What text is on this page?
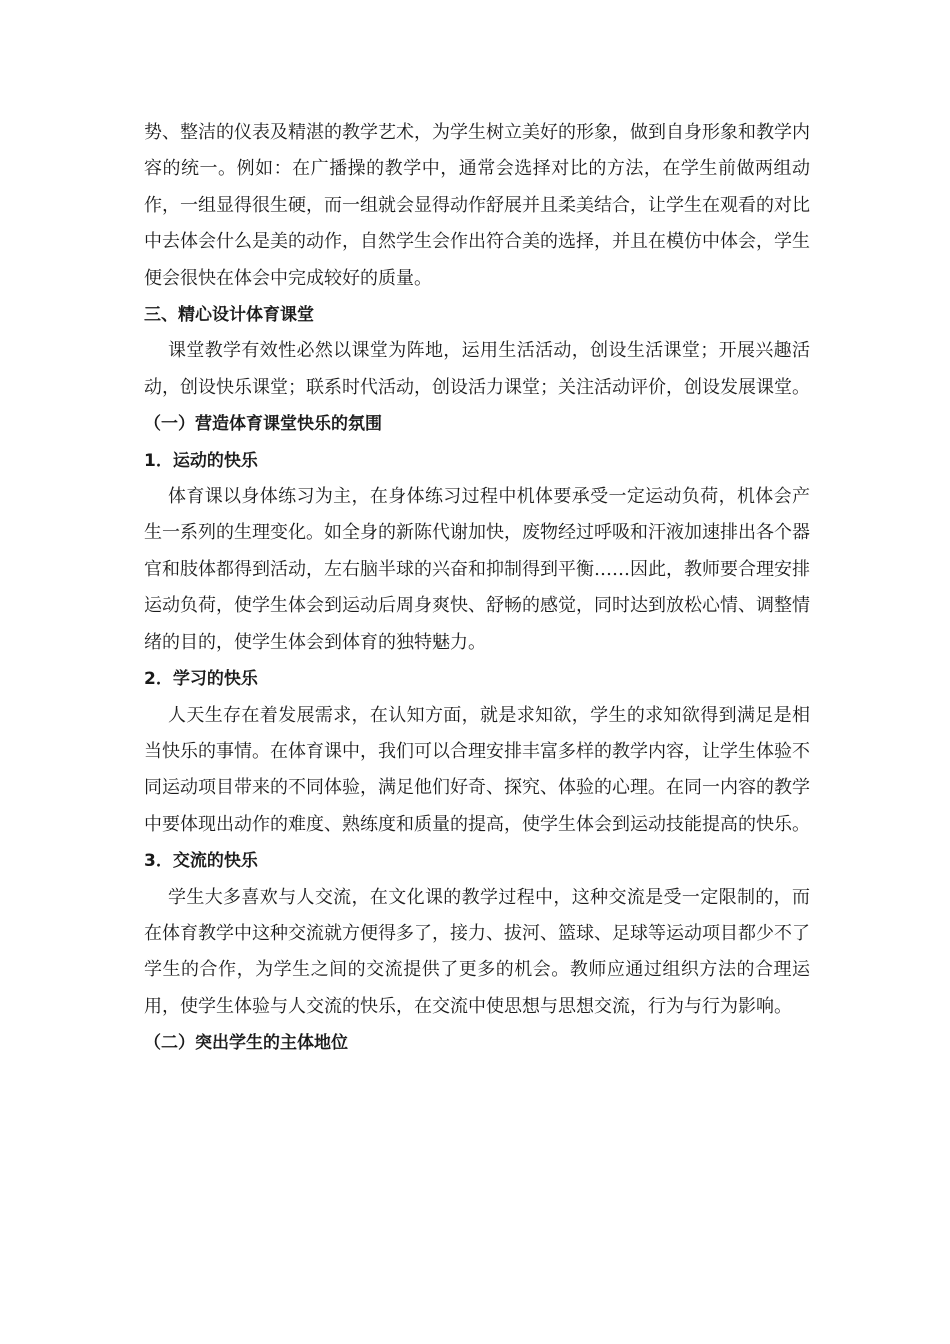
势、整洁的仪表及精湛的教学艺术，为学生树立美好的形象，做到自身形象和教学内容的统一。例如：在广播操的教学中，通常会选择对比的方法，在学生前做两组动作，一组显得很生硬，而一组就会显得动作舒展并且柔美结合，让学生在观看的对比中去体会什么是美的动作，自然学生会作出符合美的选择，并且在模仿中体会，学生便会很快在体会中完成较好的质量。

三、精心设计体育课堂

课堂教学有效性必然以课堂为阵地，运用生活活动，创设生活课堂；开展兴趣活动，创设快乐课堂；联系时代活动，创设活力课堂；关注活动评价，创设发展课堂。

（一）营造体育课堂快乐的氛围
1．运动的快乐

体育课以身体练习为主，在身体练习过程中机体要承受一定运动负荷，机体会产生一系列的生理变化。如全身的新陈代谢加快，废物经过呼吸和汗液加速排出各个器官和肢体都得到活动，左右脑半球的兴奋和抑制得到平衡……因此，教师要合理安排运动负荷，使学生体会到运动后周身爽快、舒畅的感觉，同时达到放松心情、调整情绪的目的，使学生体会到体育的独特魅力。

2．学习的快乐

人天生存在着发展需求，在认知方面，就是求知欲，学生的求知欲得到满足是相当快乐的事情。在体育课中，我们可以合理安排丰富多样的教学内容，让学生体验不同运动项目带来的不同体验，满足他们好奇、探究、体验的心理。在同一内容的教学中要体现出动作的难度、熟练度和质量的提高，使学生体会到运动技能提高的快乐。

3．交流的快乐

学生大多喜欢与人交流，在文化课的教学过程中，这种交流是受一定限制的，而在体育教学中这种交流就方便得多了，接力、拔河、篮球、足球等运动项目都少不了学生的合作，为学生之间的交流提供了更多的机会。教师应通过组织方法的合理运用，使学生体验与人交流的快乐，在交流中使思想与思想交流，行为与行为影响。

（二）突出学生的主体地位
